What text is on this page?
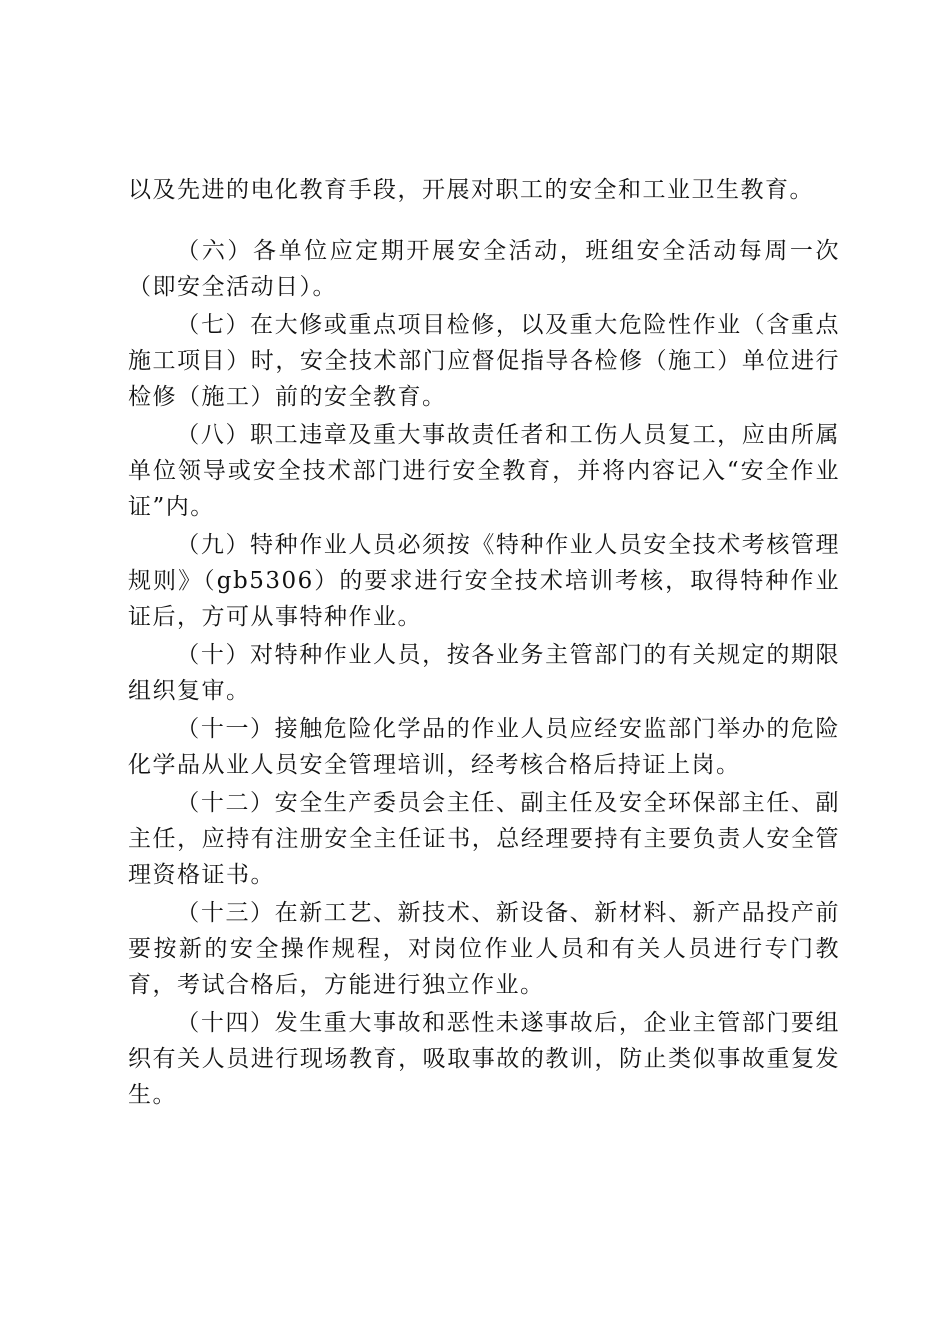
以及先进的电化教育手段，开展对职工的安全和工业卫生教育。

（六）各单位应定期开展安全活动，班组安全活动每周一次（即安全活动日）。

（七）在大修或重点项目检修，以及重大危险性作业（含重点施工项目）时，安全技术部门应督促指导各检修（施工）单位进行检修（施工）前的安全教育。

（八）职工违章及重大事故责任者和工伤人员复工，应由所属单位领导或安全技术部门进行安全教育，并将内容记入“安全作业证”内。

（九）特种作业人员必须按《特种作业人员安全技术考核管理规则》（gb5306）的要求进行安全技术培训考核，取得特种作业证后，方可从事特种作业。

（十）对特种作业人员，按各业务主管部门的有关规定的期限组织复审。

（十一）接触危险化学品的作业人员应经安监部门举办的危险化学品从业人员安全管理培训，经考核合格后持证上岗。

（十二）安全生产委员会主任、副主任及安全环保部主任、副主任，应持有注册安全主任证书，总经理要持有主要负责人安全管理资格证书。

（十三）在新工艺、新技术、新设备、新材料、新产品投产前要按新的安全操作规程，对岗位作业人员和有关人员进行专门教育，考试合格后，方能进行独立作业。

（十四）发生重大事故和恶性未遂事故后，企业主管部门要组织有关人员进行现场教育，吸取事故的教训，防止类似事故重复发生。
